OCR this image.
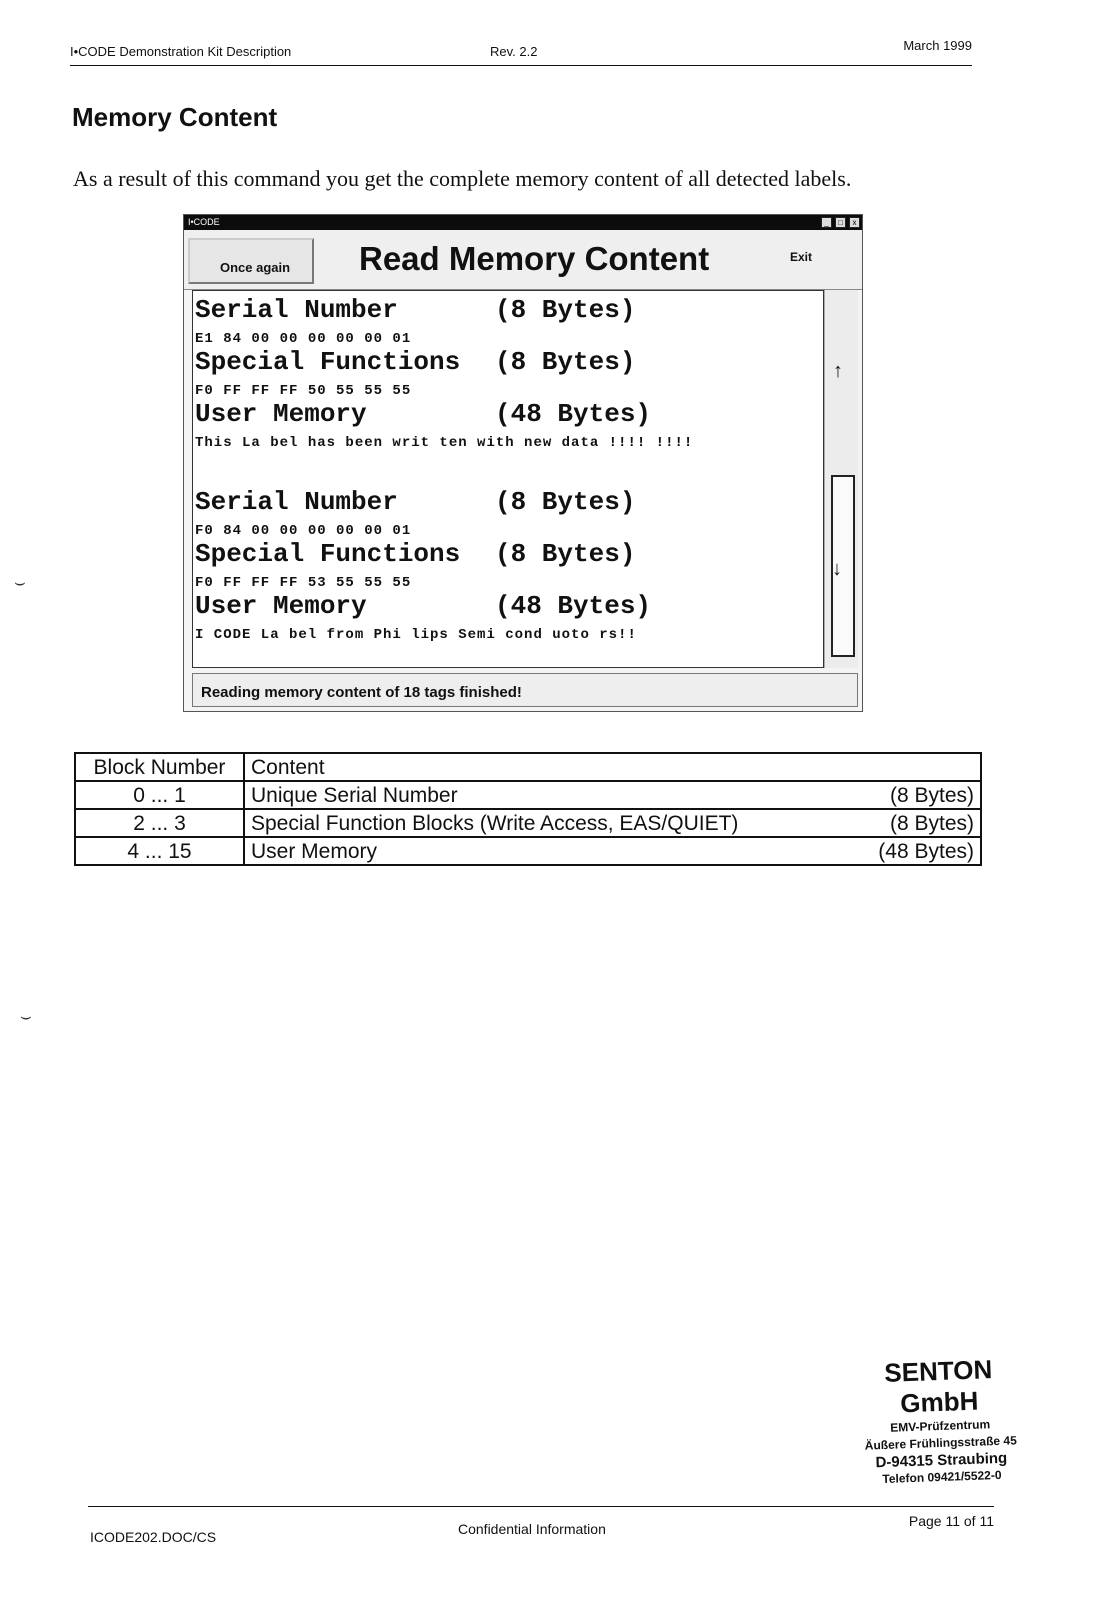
I•CODE Demonstration Kit Description	Rev. 2.2	March 1999
Memory Content

As a result of this command you get the complete memory content of all detected labels.

I•CODE	_	□	x
Once again	Read Memory Content	Exit
Serial Number	(8 Bytes)
E1 84 00 00 00 00 00 01
Special Functions (8 Bytes)
F0 FF FF FF 50 55 55 55
User Memory	(48 Bytes)
This La bel has been writ ten with new data !!!! !!!!
Serial Number	(8 Bytes)
F0 84 00 00 00 00 00 01
Special Functions (8 Bytes)
F0 FF FF FF 53 55 55 55
User Memory	(48 Bytes)
I CODE La bel from Phi lips Semi cond uoto rs!!
↑
↓
Reading memory content of 18 tags finished!
Block Number	Content
0 ... 1	Unique Serial Number (8 Bytes)

2 ... 3	Special Function Blocks (Write Access, EAS/QUIET) (8 Bytes)

4 ... 15	User Memory (48 Bytes)
⌣
⌣
SENTON GmbH
EMV-Prüfzentrum
Äußere Frühlingsstraße 45
D-94315 Straubing
Telefon 09421/5522-0
ICODE202.DOC/CS	Confidential Information	Page 11 of 11
